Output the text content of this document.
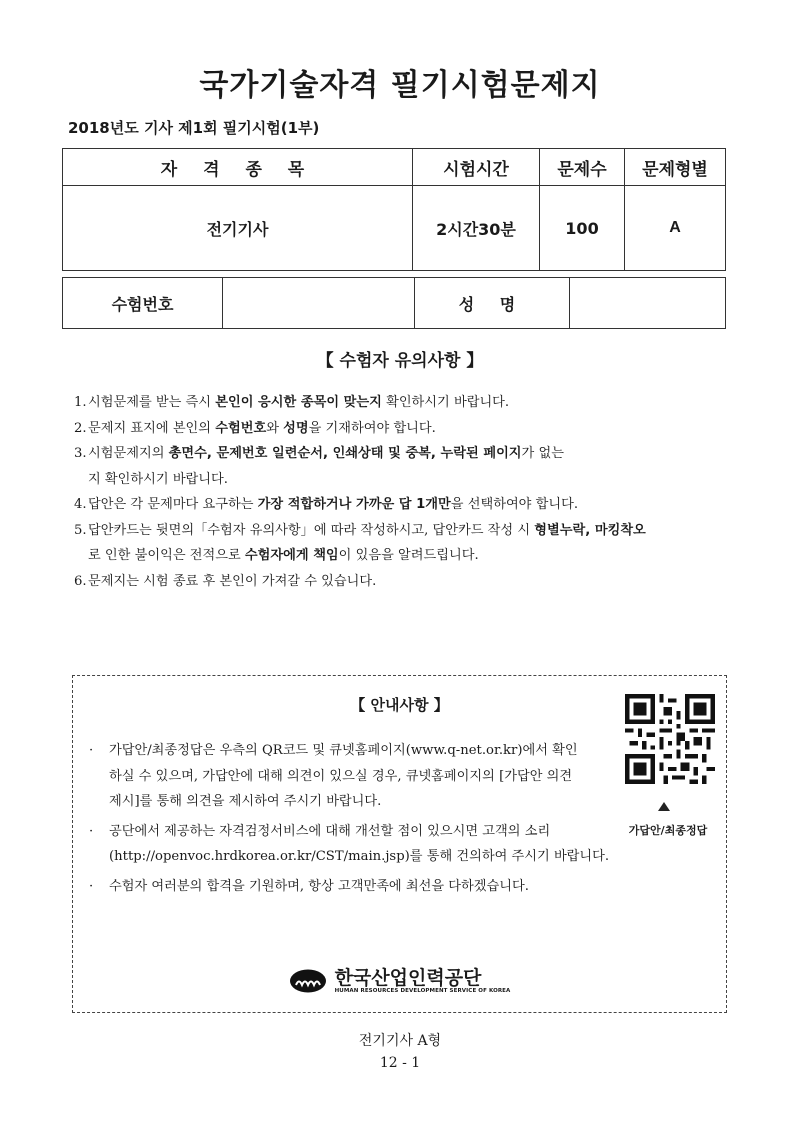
국가기술자격 필기시험문제지
2018년도 기사 제1회 필기시험(1부)
자 격 종 목	시험시간	문제수	문제형별
전기기사	2시간30분	100	A
수험번호		성 명	
【 수험자 유의사항 】
1. 시험문제를 받는 즉시 본인이 응시한 종목이 맞는지 확인하시기 바랍니다.
2. 문제지 표지에 본인의 수험번호와 성명을 기재하여야 합니다.
3. 시험문제지의 총면수, 문제번호 일련순서, 인쇄상태 및 중복, 누락된 페이지가 없는지 확인하시기 바랍니다.
4. 답안은 각 문제마다 요구하는 가장 적합하거나 가까운 답 1개만을 선택하여야 합니다.
5. 답안카드는 뒷면의「수험자 유의사항」에 따라 작성하시고, 답안카드 작성 시 형별누락, 마킹착오로 인한 불이익은 전적으로 수험자에게 책임이 있음을 알려드립니다.
6. 문제지는 시험 종료 후 본인이 가져갈 수 있습니다.
【 안내사항 】
가답안/최종정답
· 가답안/최종정답은 우측의 QR코드 및 큐넷홈페이지(www.q-net.or.kr)에서 확인하실 수 있으며, 가답안에 대해 의견이 있으실 경우, 큐넷홈페이지의 [가답안 의견제시]를 통해 의견을 제시하여 주시기 바랍니다.
· 공단에서 제공하는 자격검정서비스에 대해 개선할 점이 있으시면 고객의 소리(http://openvoc.hrdkorea.or.kr/CST/main.jsp)를 통해 건의하여 주시기 바랍니다.
· 수험자 여러분의 합격을 기원하며, 항상 고객만족에 최선을 다하겠습니다.
한국산업인력공단
HUMAN RESOURCES DEVELOPMENT SERVICE OF KOREA
전기기사 A형
12 - 1
